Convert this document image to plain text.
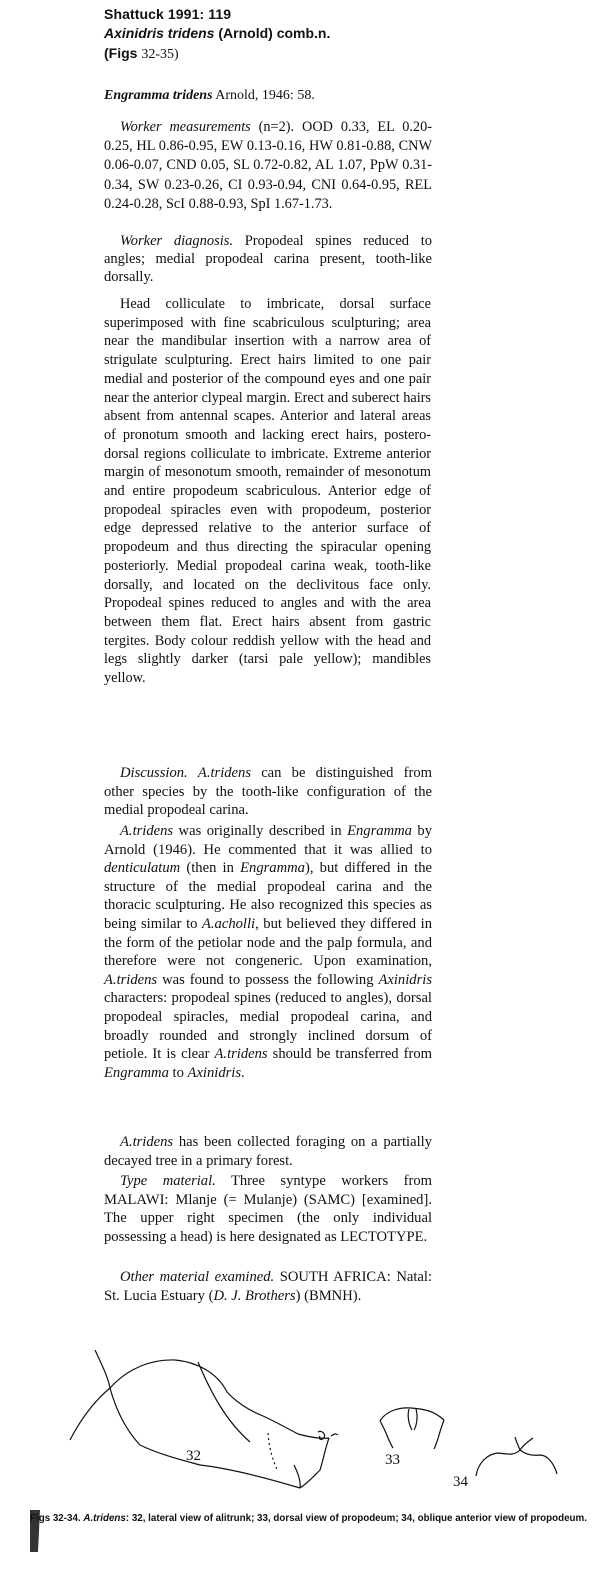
Shattuck 1991: 119
Axinidris tridens (Arnold) comb.n.
(Figs 32-35)
Engramma tridens Arnold, 1946: 58.
Worker measurements (n=2). OOD 0.33, EL 0.20-0.25, HL 0.86-0.95, EW 0.13-0.16, HW 0.81-0.88, CNW 0.06-0.07, CND 0.05, SL 0.72-0.82, AL 1.07, PpW 0.31-0.34, SW 0.23-0.26, CI 0.93-0.94, CNI 0.64-0.95, REL 0.24-0.28, ScI 0.88-0.93, SpI 1.67-1.73.
Worker diagnosis. Propodeal spines reduced to angles; medial propodeal carina present, tooth-like dorsally.
Head colliculate to imbricate, dorsal surface superimposed with fine scabriculous sculpturing; area near the mandibular insertion with a narrow area of strigulate sculpturing. Erect hairs limited to one pair medial and posterior of the compound eyes and one pair near the anterior clypeal margin. Erect and suberect hairs absent from antennal scapes. Anterior and lateral areas of pronotum smooth and lacking erect hairs, postero-dorsal regions colliculate to imbricate. Extreme anterior margin of mesonotum smooth, remainder of mesonotum and entire propodeum scabriculous. Anterior edge of propodeal spiracles even with propodeum, posterior edge depressed relative to the anterior surface of propodeum and thus directing the spiracular opening posteriorly. Medial propodeal carina weak, tooth-like dorsally, and located on the declivitous face only. Propodeal spines reduced to angles and with the area between them flat. Erect hairs absent from gastric tergites. Body colour reddish yellow with the head and legs slightly darker (tarsi pale yellow); mandibles yellow.
Discussion. A.tridens can be distinguished from other species by the tooth-like configuration of the medial propodeal carina.
A.tridens was originally described in Engramma by Arnold (1946). He commented that it was allied to denticulatum (then in Engramma), but differed in the structure of the medial propodeal carina and the thoracic sculpturing. He also recognized this species as being similar to A.acholli, but believed they differed in the form of the petiolar node and the palp formula, and therefore were not congeneric. Upon examination, A.tridens was found to possess the following Axinidris characters: propodeal spines (reduced to angles), dorsal propodeal spiracles, medial propodeal carina, and broadly rounded and strongly inclined dorsum of petiole. It is clear A.tridens should be transferred from Engramma to Axinidris.
A.tridens has been collected foraging on a partially decayed tree in a primary forest.
Type material. Three syntype workers from MALAWI: Mlanje (= Mulanje) (SAMC) [examined]. The upper right specimen (the only individual possessing a head) is here designated as LECTOTYPE.
Other material examined. SOUTH AFRICA: Natal: St. Lucia Estuary (D. J. Brothers) (BMNH).
32	33
34
Figs 32-34. A.tridens: 32, lateral view of alitrunk; 33, dorsal view of propodeum; 34, oblique anterior view of propodeum.
